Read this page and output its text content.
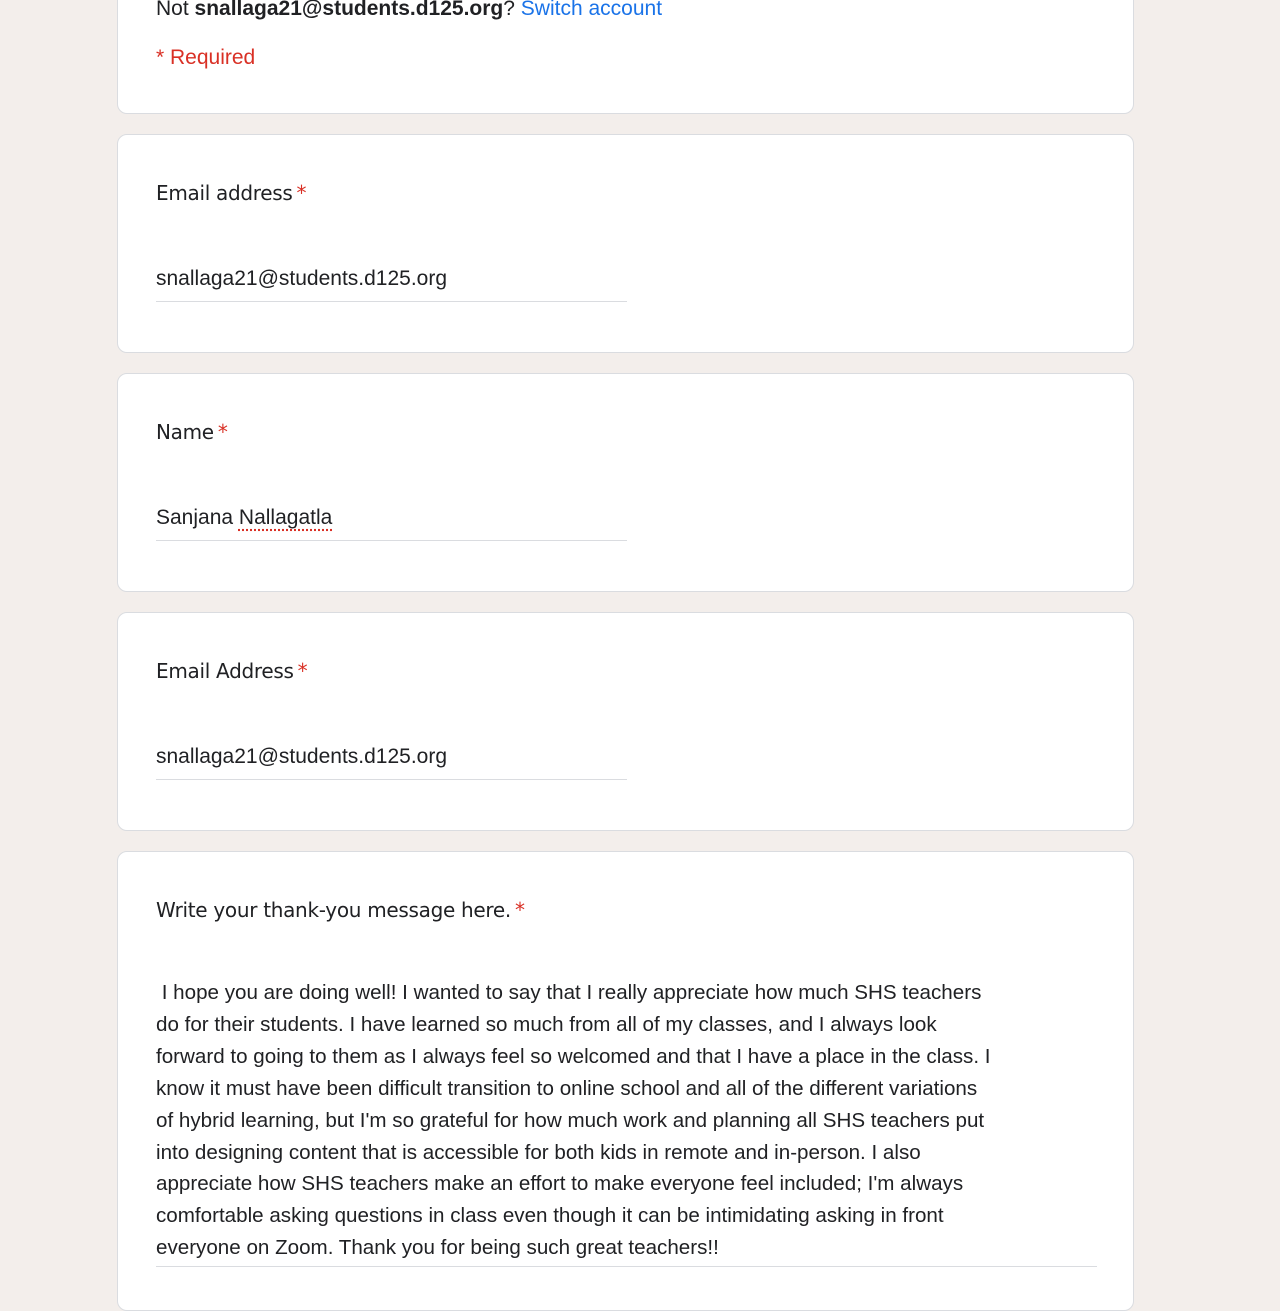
Not snallaga21@students.d125.org? Switch account
* Required
Email address *
snallaga21@students.d125.org
Name *
Sanjana Nallagatla
Email Address *
snallaga21@students.d125.org
Write your thank-you message here. *
I hope you are doing well! I wanted to say that I really appreciate how much SHS teachers
do for their students. I have learned so much from all of my classes, and I always look
forward to going to them as I always feel so welcomed and that I have a place in the class. I
know it must have been difficult transition to online school and all of the different variations
of hybrid learning, but I'm so grateful for how much work and planning all SHS teachers put
into designing content that is accessible for both kids in remote and in-person. I also
appreciate how SHS teachers make an effort to make everyone feel included; I'm always
comfortable asking questions in class even though it can be intimidating asking in front
everyone on Zoom. Thank you for being such great teachers!!
